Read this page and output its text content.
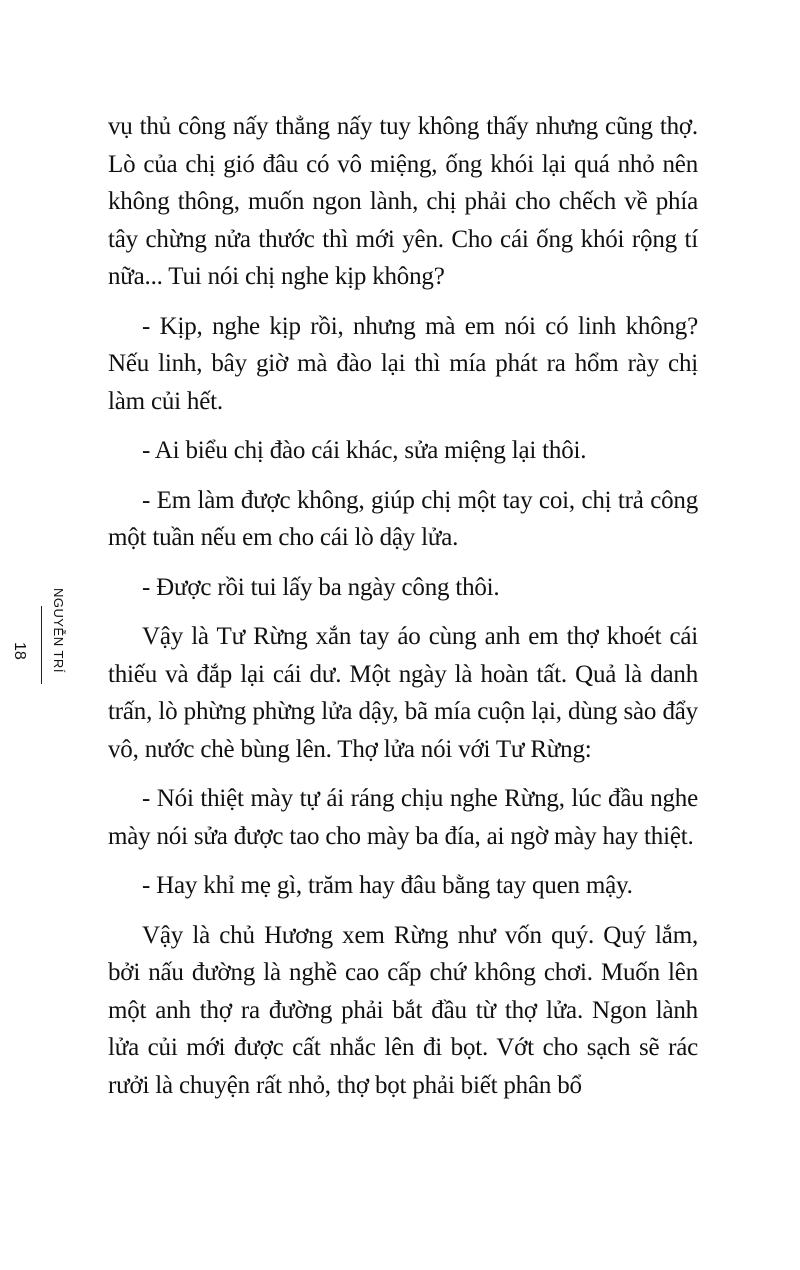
18 NGUYỄN TRÍ

vụ thủ công nấy thẳng nấy tuy không thấy nhưng cũng thợ. Lò của chị gió đâu có vô miệng, ống khói lại quá nhỏ nên không thông, muốn ngon lành, chị phải cho chếch về phía tây chừng nửa thước thì mới yên. Cho cái ống khói rộng tí nữa... Tui nói chị nghe kịp không?

- Kịp, nghe kịp rồi, nhưng mà em nói có linh không? Nếu linh, bây giờ mà đào lại thì mía phát ra hổm rày chị làm củi hết.

- Ai biểu chị đào cái khác, sửa miệng lại thôi.

- Em làm được không, giúp chị một tay coi, chị trả công một tuần nếu em cho cái lò dậy lửa.

- Được rồi tui lấy ba ngày công thôi.

Vậy là Tư Rừng xắn tay áo cùng anh em thợ khoét cái thiếu và đắp lại cái dư. Một ngày là hoàn tất. Quả là danh trấn, lò phừng phừng lửa dậy, bã mía cuộn lại, dùng sào đẩy vô, nước chè bùng lên. Thợ lửa nói với Tư Rừng:

- Nói thiệt mày tự ái ráng chịu nghe Rừng, lúc đầu nghe mày nói sửa được tao cho mày ba đía, ai ngờ mày hay thiệt.

- Hay khỉ mẹ gì, trăm hay đâu bằng tay quen mậy.

Vậy là chủ Hương xem Rừng như vốn quý. Quý lắm, bởi nấu đường là nghề cao cấp chứ không chơi. Muốn lên một anh thợ ra đường phải bắt đầu từ thợ lửa. Ngon lành lửa củi mới được cất nhắc lên đi bọt. Vớt cho sạch sẽ rác rưởi là chuyện rất nhỏ, thợ bọt phải biết phân bổ
